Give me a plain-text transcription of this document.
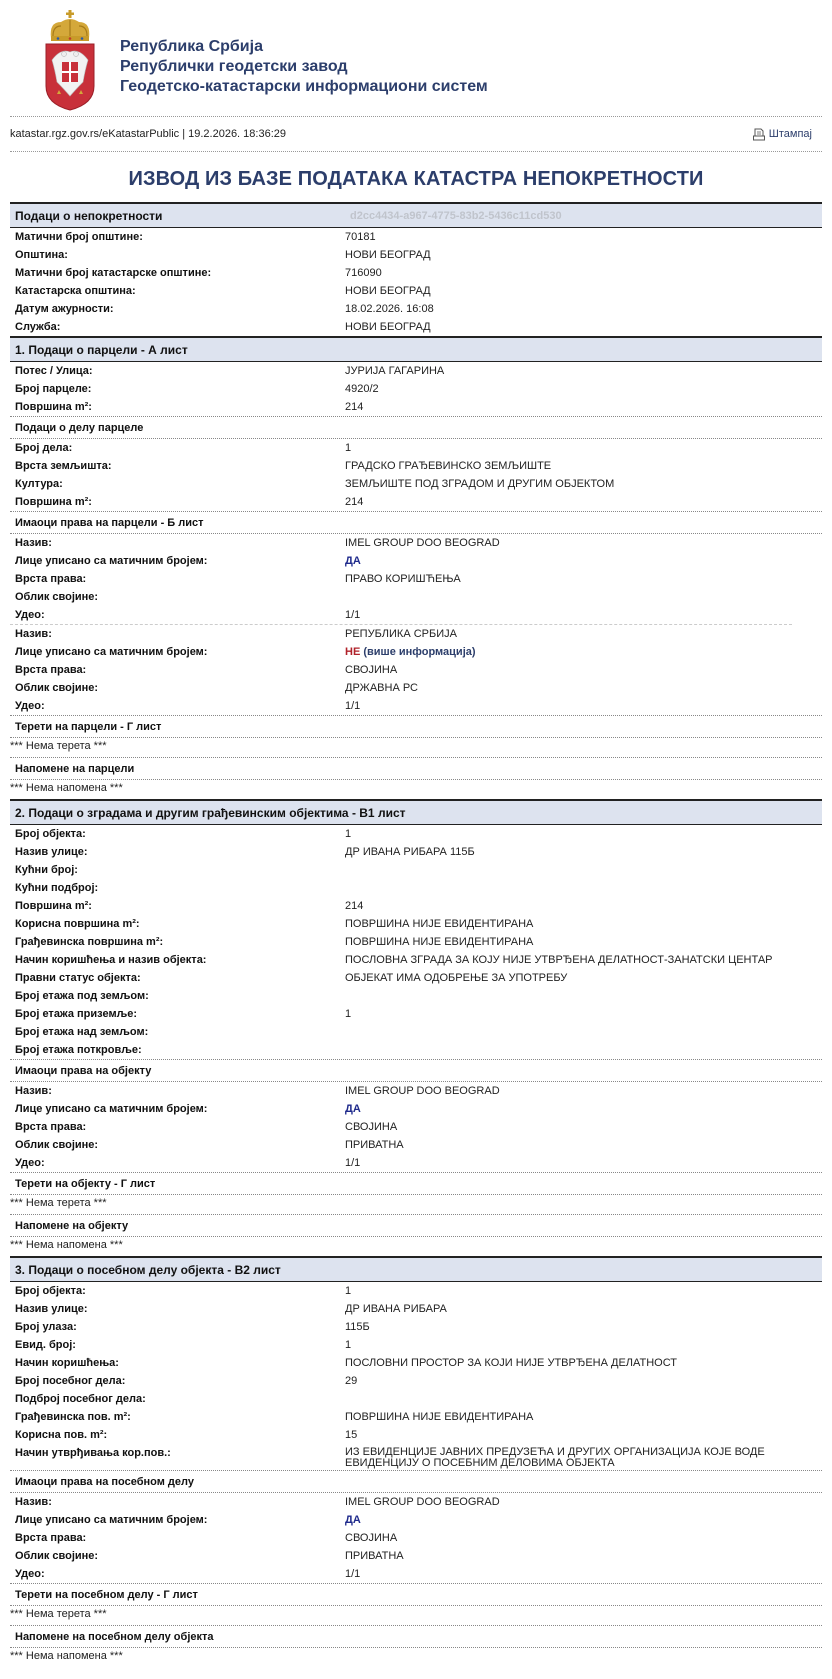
Република Србија
Републички геодетски завод
Геодетско-катастарски информациони систем
katastar.rgz.gov.rs/eKatastarPublic | 19.2.2026. 18:36:29	Штампај
ИЗВОД ИЗ БАЗЕ ПОДАТАКА КАТАСТРА НЕПОКРЕТНОСТИ
Подаци о непокретности	d2cc4434-a967-4775-83b2-5436c11cd530
Матични број општине:	70181
Општина:	НОВИ БЕОГРАД
Матични број катастарске општине:	716090
Катастарска општина:	НОВИ БЕОГРАД
Датум ажурности:	18.02.2026. 16:08
Служба:	НОВИ БЕОГРАД
1. Подаци о парцели - А лист
Потес / Улица:	ЈУРИЈА ГАГАРИНА
Број парцеле:	4920/2
Површина m²:	214
Подаци о делу парцеле
Број дела:	1
Врста земљишта:	ГРАДСКО ГРАЂЕВИНСКО ЗЕМЉИШТЕ
Култура:	ЗЕМЉИШТЕ ПОД ЗГРАДОМ И ДРУГИМ ОБЈЕКТОМ
Површина m²:	214
Имаоци права на парцели - Б лист
Назив:	IMEL GROUP DOO BEOGRAD
Лице уписано са матичним бројем:	ДА
Врста права:	ПРАВО КОРИШЋЕЊА
Облик својине:
Удео:	1/1
Назив:	РЕПУБЛИКА СРБИЈА
Лице уписано са матичним бројем:	НЕ (више информација)
Врста права:	СВОЈИНА
Облик својине:	ДРЖАВНА РС
Удео:	1/1
Терети на парцели - Г лист
*** Нема терета ***
Напомене на парцели
*** Нема напомена ***
2. Подаци о зградама и другим грађевинским објектима - В1 лист
Број објекта:	1
Назив улице:	ДР ИВАНА РИБАРА 115Б
Кућни број:
Кућни подброј:
Површина m²:	214
Корисна површина m²:	ПОВРШИНА НИЈЕ ЕВИДЕНТИРАНА
Грађевинска површина m²:	ПОВРШИНА НИЈЕ ЕВИДЕНТИРАНА
Начин коришћења и назив објекта:	ПОСЛОВНА ЗГРАДА ЗА КОЈУ НИЈЕ УТВРЂЕНА ДЕЛАТНОСТ-ЗАНАТСКИ ЦЕНТАР
Правни статус објекта:	ОБЈЕКАТ ИМА ОДОБРЕЊЕ ЗА УПОТРЕБУ
Број етажа под земљом:
Број етажа приземље:	1
Број етажа над земљом:
Број етажа поткровље:
Имаоци права на објекту
Назив:	IMEL GROUP DOO BEOGRAD
Лице уписано са матичним бројем:	ДА
Врста права:	СВОЈИНА
Облик својине:	ПРИВАТНА
Удео:	1/1
Терети на објекту - Г лист
*** Нема терета ***
Напомене на објекту
*** Нема напомена ***
3. Подаци о посебном делу објекта - В2 лист
Број објекта:	1
Назив улице:	ДР ИВАНА РИБАРА
Број улаза:	115Б
Евид. број:	1
Начин коришћења:	ПОСЛОВНИ ПРОСТОР ЗА КОЈИ НИЈЕ УТВРЂЕНА ДЕЛАТНОСТ
Број посебног дела:	29
Подброј посебног дела:
Грађевинска пов. m²:	ПОВРШИНА НИЈЕ ЕВИДЕНТИРАНА
Корисна пов. m²:	15
Начин утврђивања кор.пов.:	ИЗ ЕВИДЕНЦИЈЕ ЈАВНИХ ПРЕДУЗЕЋА И ДРУГИХ ОРГАНИЗАЦИЈА КОЈЕ ВОДЕ ЕВИДЕНЦИЈУ О ПОСЕБНИМ ДЕЛОВИМА ОБЈЕКТА
Имаоци права на посебном делу
Назив:	IMEL GROUP DOO BEOGRAD
Лице уписано са матичним бројем:	ДА
Врста права:	СВОЈИНА
Облик својине:	ПРИВАТНА
Удео:	1/1
Терети на посебном делу - Г лист
*** Нема терета ***
Напомене на посебном делу објекта
*** Нема напомена ***
